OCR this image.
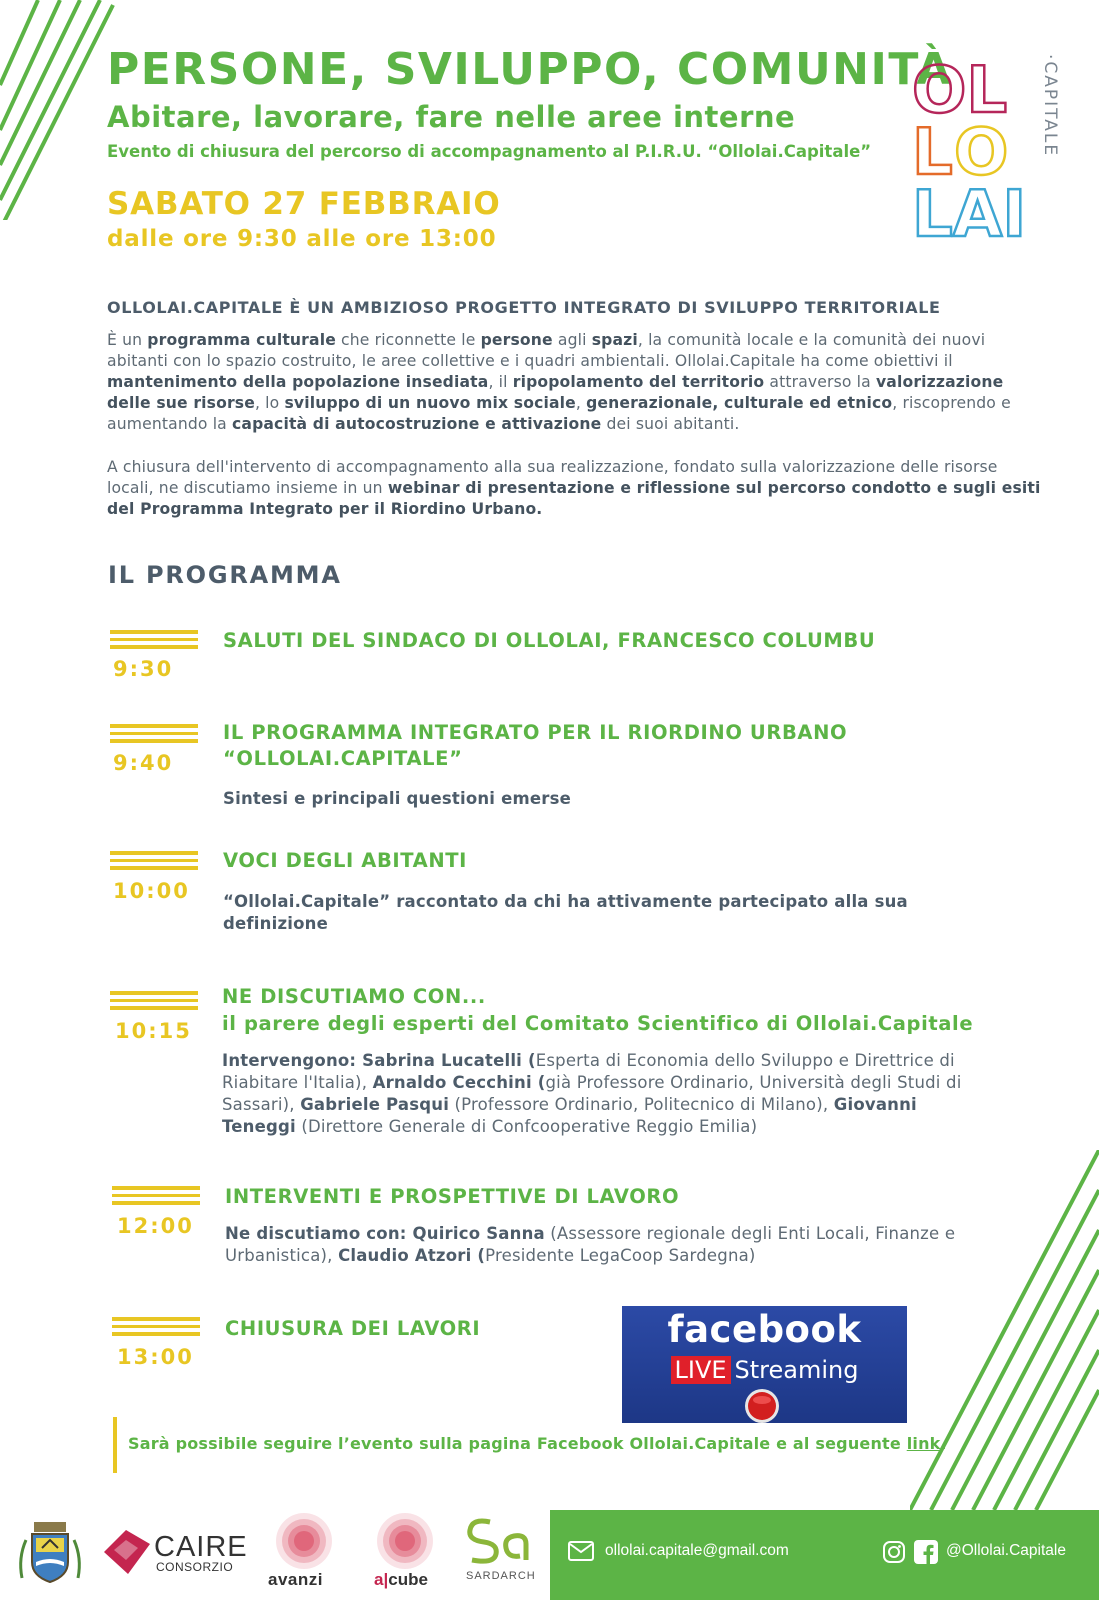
PERSONE, SVILUPPO, COMUNITÀ
Abitare, lavorare, fare nelle aree interne
Evento di chiusura del percorso di accompagnamento al P.I.R.U. “Ollolai.Capitale”
SABATO 27 FEBBRAIO
dalle ore 9:30 alle ore 13:00
OL
L O
LAI
·CAPITALE
OLLOLAI.CAPITALE È UN AMBIZIOSO PROGETTO INTEGRATO DI SVILUPPO TERRITORIALE
È un programma culturale che riconnette le persone agli spazi, la comunità locale e la comunità dei nuovi abitanti con lo spazio costruito, le aree collettive e i quadri ambientali. Ollolai.Capitale ha come obiettivi il mantenimento della popolazione insediata, il ripopolamento del territorio attraverso la valorizzazione delle sue risorse, lo sviluppo di un nuovo mix sociale, generazionale, culturale ed etnico, riscoprendo e aumentando la capacità di autocostruzione e attivazione dei suoi abitanti.
A chiusura dell'intervento di accompagnamento alla sua realizzazione, fondato sulla valorizzazione delle risorse locali, ne discutiamo insieme in un webinar di presentazione e riflessione sul percorso condotto e sugli esiti del Programma Integrato per il Riordino Urbano.
IL PROGRAMMA
9:30
SALUTI DEL SINDACO DI OLLOLAI, FRANCESCO COLUMBU
9:40
IL PROGRAMMA INTEGRATO PER IL RIORDINO URBANO “OLLOLAI.CAPITALE”
Sintesi e principali questioni emerse
10:00
VOCI DEGLI ABITANTI
“Ollolai.Capitale” raccontato da chi ha attivamente partecipato alla sua definizione
10:15
NE DISCUTIAMO CON...
il parere degli esperti del Comitato Scientifico di Ollolai.Capitale
Intervengono: Sabrina Lucatelli (Esperta di Economia dello Sviluppo e Direttrice di Riabitare l'Italia), Arnaldo Cecchini (già Professore Ordinario, Università degli Studi di Sassari), Gabriele Pasqui (Professore Ordinario, Politecnico di Milano), Giovanni Teneggi (Direttore Generale di Confcooperative Reggio Emilia)
12:00
INTERVENTI E PROSPETTIVE DI LAVORO
Ne discutiamo con: Quirico Sanna (Assessore regionale degli Enti Locali, Finanze e Urbanistica), Claudio Atzori (Presidente LegaCoop Sardegna)
13:00
CHIUSURA DEI LAVORI	facebook
LIVE Streaming
Sarà possibile seguire l’evento sulla pagina Facebook Ollolai.Capitale e al seguente link.
CAIRE
CONSORZIO
avanzi	a|cube	SARDARCH
ollolai.capitale@gmail.com	@Ollolai.Capitale
